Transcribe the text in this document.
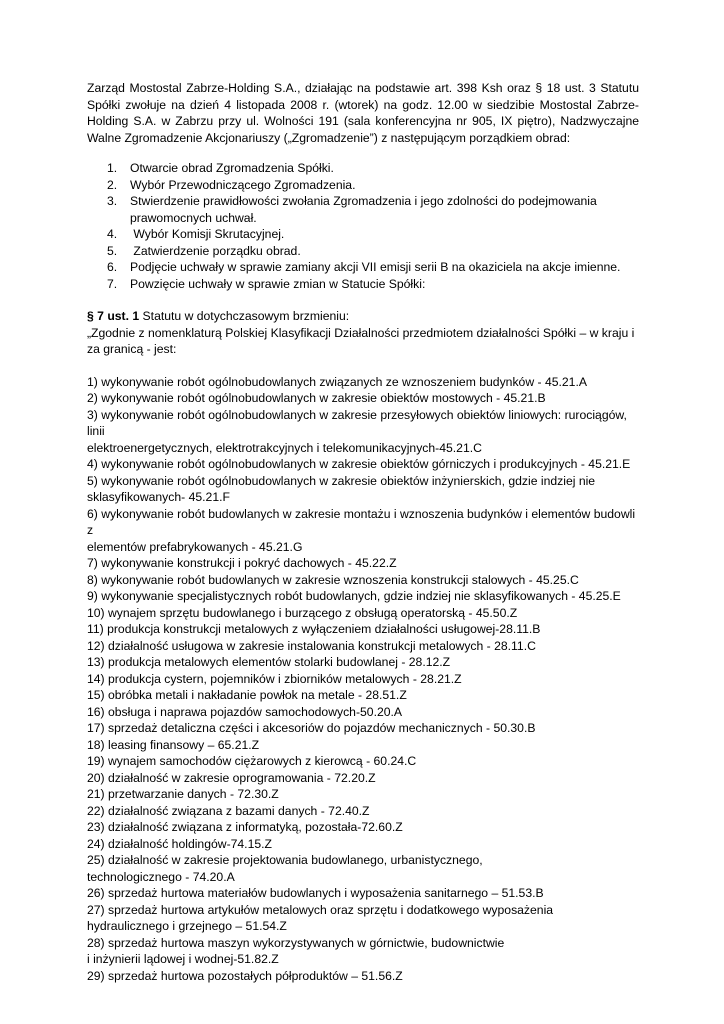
Zarząd Mostostal Zabrze-Holding S.A., działając na podstawie art. 398 Ksh oraz § 18 ust. 3 Statutu Spółki zwołuje na dzień 4 listopada 2008 r. (wtorek) na godz. 12.00 w siedzibie Mostostal Zabrze-Holding S.A. w Zabrzu przy ul. Wolności 191 (sala konferencyjna nr 905, IX piętro), Nadzwyczajne Walne Zgromadzenie Akcjonariuszy („Zgromadzenie”) z następującym porządkiem obrad:

1. Otwarcie obrad Zgromadzenia Spółki.
2. Wybór Przewodniczącego Zgromadzenia.
3. Stwierdzenie prawidłowości zwołania Zgromadzenia i jego zdolności do podejmowania prawomocnych uchwał.
4. Wybór Komisji Skrutacyjnej.
5. Zatwierdzenie porządku obrad.
6. Podjęcie uchwały w sprawie zamiany akcji VII emisji serii B na okaziciela na akcje imienne.
7. Powzięcie uchwały w sprawie zmian w Statucie Spółki:
§ 7 ust. 1 Statutu w dotychczasowym brzmieniu:

„Zgodnie z nomenklaturą Polskiej Klasyfikacji Działalności przedmiotem działalności Spółki – w kraju i za granicą - jest:

1) wykonywanie robót ogólnobudowlanych związanych ze wznoszeniem budynków - 45.21.A

2) wykonywanie robót ogólnobudowlanych w zakresie obiektów mostowych - 45.21.B

3) wykonywanie robót ogólnobudowlanych w zakresie przesyłowych obiektów liniowych: rurociągów, linii
elektroenergetycznych, elektrotrakcyjnych i telekomunikacyjnych-45.21.C

4) wykonywanie robót ogólnobudowlanych w zakresie obiektów górniczych i produkcyjnych - 45.21.E

5) wykonywanie robót ogólnobudowlanych w zakresie obiektów inżynierskich, gdzie indziej nie
sklasyfikowanych- 45.21.F

6) wykonywanie robót budowlanych w zakresie montażu i wznoszenia budynków i elementów budowli z
elementów prefabrykowanych - 45.21.G

7) wykonywanie konstrukcji i pokryć dachowych - 45.22.Z

8) wykonywanie robót budowlanych w zakresie wznoszenia konstrukcji stalowych - 45.25.C

9) wykonywanie specjalistycznych robót budowlanych, gdzie indziej nie sklasyfikowanych - 45.25.E

10) wynajem sprzętu budowlanego i burzącego z obsługą operatorską - 45.50.Z

11) produkcja konstrukcji metalowych z wyłączeniem działalności usługowej-28.11.B

12) działalność usługowa w zakresie instalowania konstrukcji metalowych - 28.11.C

13) produkcja metalowych elementów stolarki budowlanej - 28.12.Z

14) produkcja cystern, pojemników i zbiorników metalowych - 28.21.Z

15) obróbka metali i nakładanie powłok na metale - 28.51.Z

16) obsługa i naprawa pojazdów samochodowych-50.20.A

17) sprzedaż detaliczna części i akcesoriów do pojazdów mechanicznych - 50.30.B

18) leasing finansowy – 65.21.Z

19) wynajem samochodów ciężarowych z kierowcą - 60.24.C

20) działalność w zakresie oprogramowania - 72.20.Z

21) przetwarzanie danych - 72.30.Z

22) działalność związana z bazami danych - 72.40.Z

23) działalność związana z informatyką, pozostała-72.60.Z

24) działalność holdingów-74.15.Z

25) działalność w zakresie projektowania budowlanego, urbanistycznego,
technologicznego - 74.20.A

26) sprzedaż hurtowa materiałów budowlanych i wyposażenia sanitarnego – 51.53.B

27) sprzedaż hurtowa artykułów metalowych oraz sprzętu i dodatkowego wyposażenia
hydraulicznego i grzejnego – 51.54.Z

28) sprzedaż hurtowa maszyn wykorzystywanych w górnictwie, budownictwie
i inżynierii lądowej i wodnej-51.82.Z

29) sprzedaż hurtowa pozostałych półproduktów – 51.56.Z
